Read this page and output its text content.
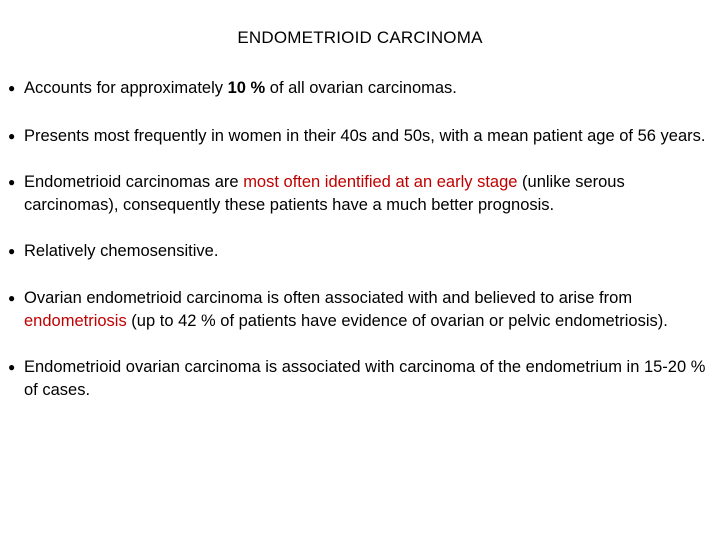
ENDOMETRIOID CARCINOMA
● Accounts for approximately 10 % of all ovarian carcinomas.
● Presents most frequently in women in their 40s and 50s, with a mean patient age of 56 years.
● Endometrioid carcinomas are most often identified at an early stage (unlike serous carcinomas), consequently these patients have a much better prognosis.
● Relatively chemosensitive.
● Ovarian endometrioid carcinoma is often associated with and believed to arise from endometriosis (up to 42 % of patients have evidence of ovarian or pelvic endometriosis).
● Endometrioid ovarian carcinoma is associated with carcinoma of the endometrium in 15-20 % of cases.
